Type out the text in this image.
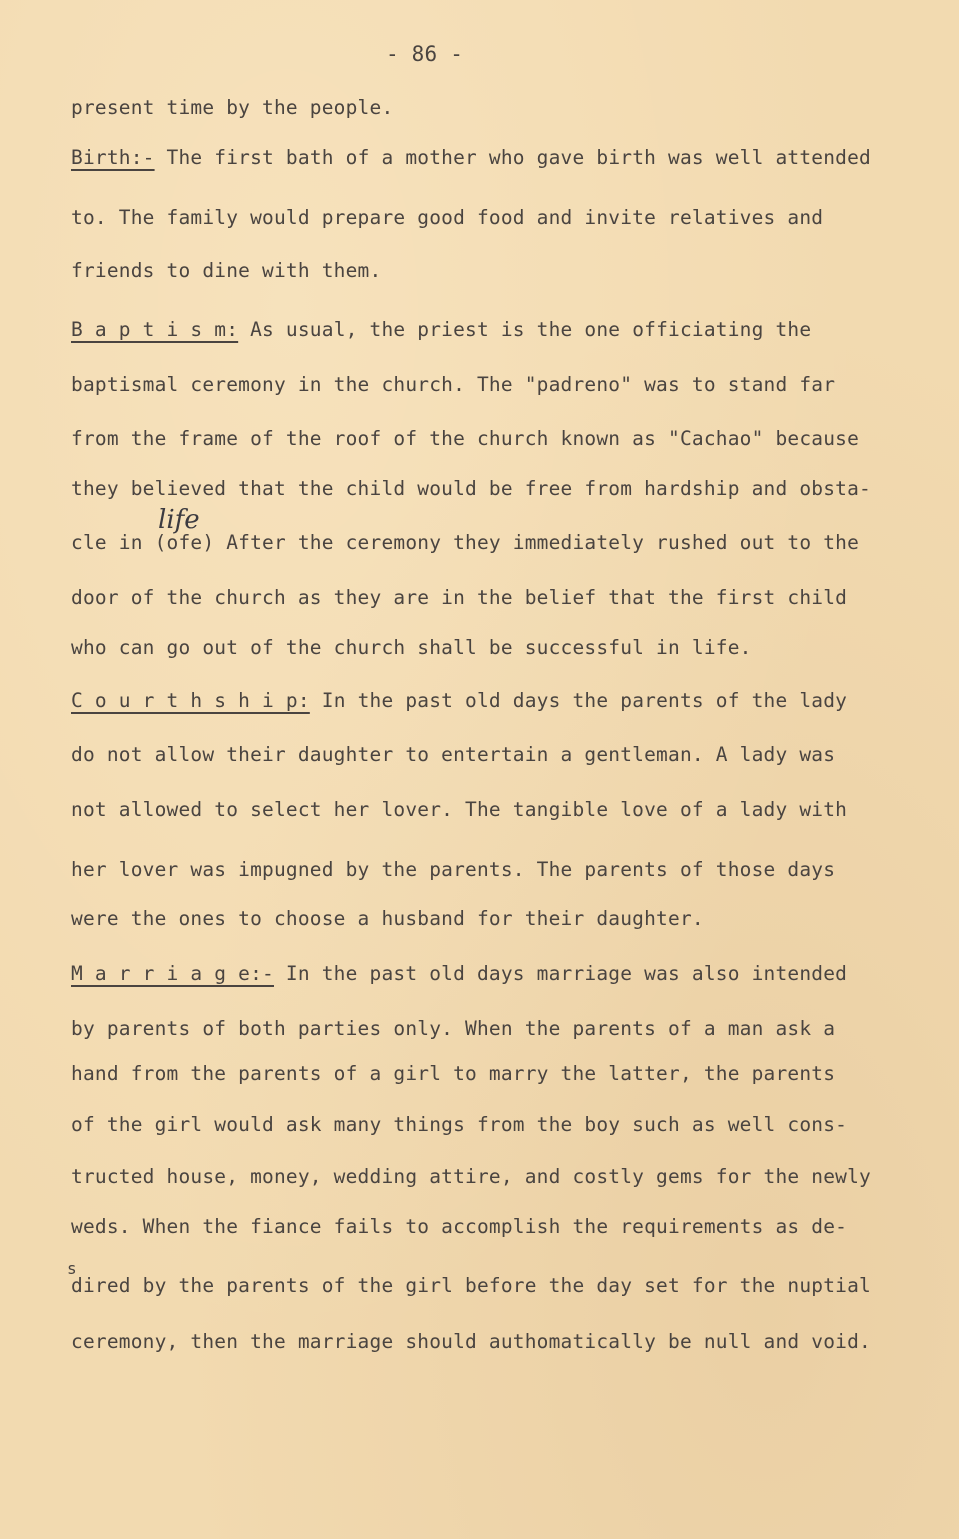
- 86 -
present time by the people.
Birth:- The first bath of a mother who gave birth was well attended
to. The family would prepare good food and invite relatives and
friends to dine with them.
B a p t i s m: As usual, the priest is the one officiating the
baptismal ceremony in the church. The "padreno" was to stand far
from the frame of the roof of the church known as "Cachao" because
they believed that the child would be free from hardship and obsta-
life
cle in (ofe) After the ceremony they immediately rushed out to the
door of the church as they are in the belief that the first child
who can go out of the church shall be successful in life.
C o u r t h s h i p: In the past old days the parents of the lady
do not allow their daughter to entertain a gentleman. A lady was
not allowed to select her lover. The tangible love of a lady with
her lover was impugned by the parents. The parents of those days
were the ones to choose a husband for their daughter.
M a r r i a g e:- In the past old days marriage was also intended
by parents of both parties only. When the parents of a man ask a
hand from the parents of a girl to marry the latter, the parents
of the girl would ask many things from the boy such as well cons-
tructed house, money, wedding attire, and costly gems for the newly
weds. When the fiance fails to accomplish the requirements as de-
s
dired by the parents of the girl before the day set for the nuptial
ceremony, then the marriage should authomatically be null and void.
